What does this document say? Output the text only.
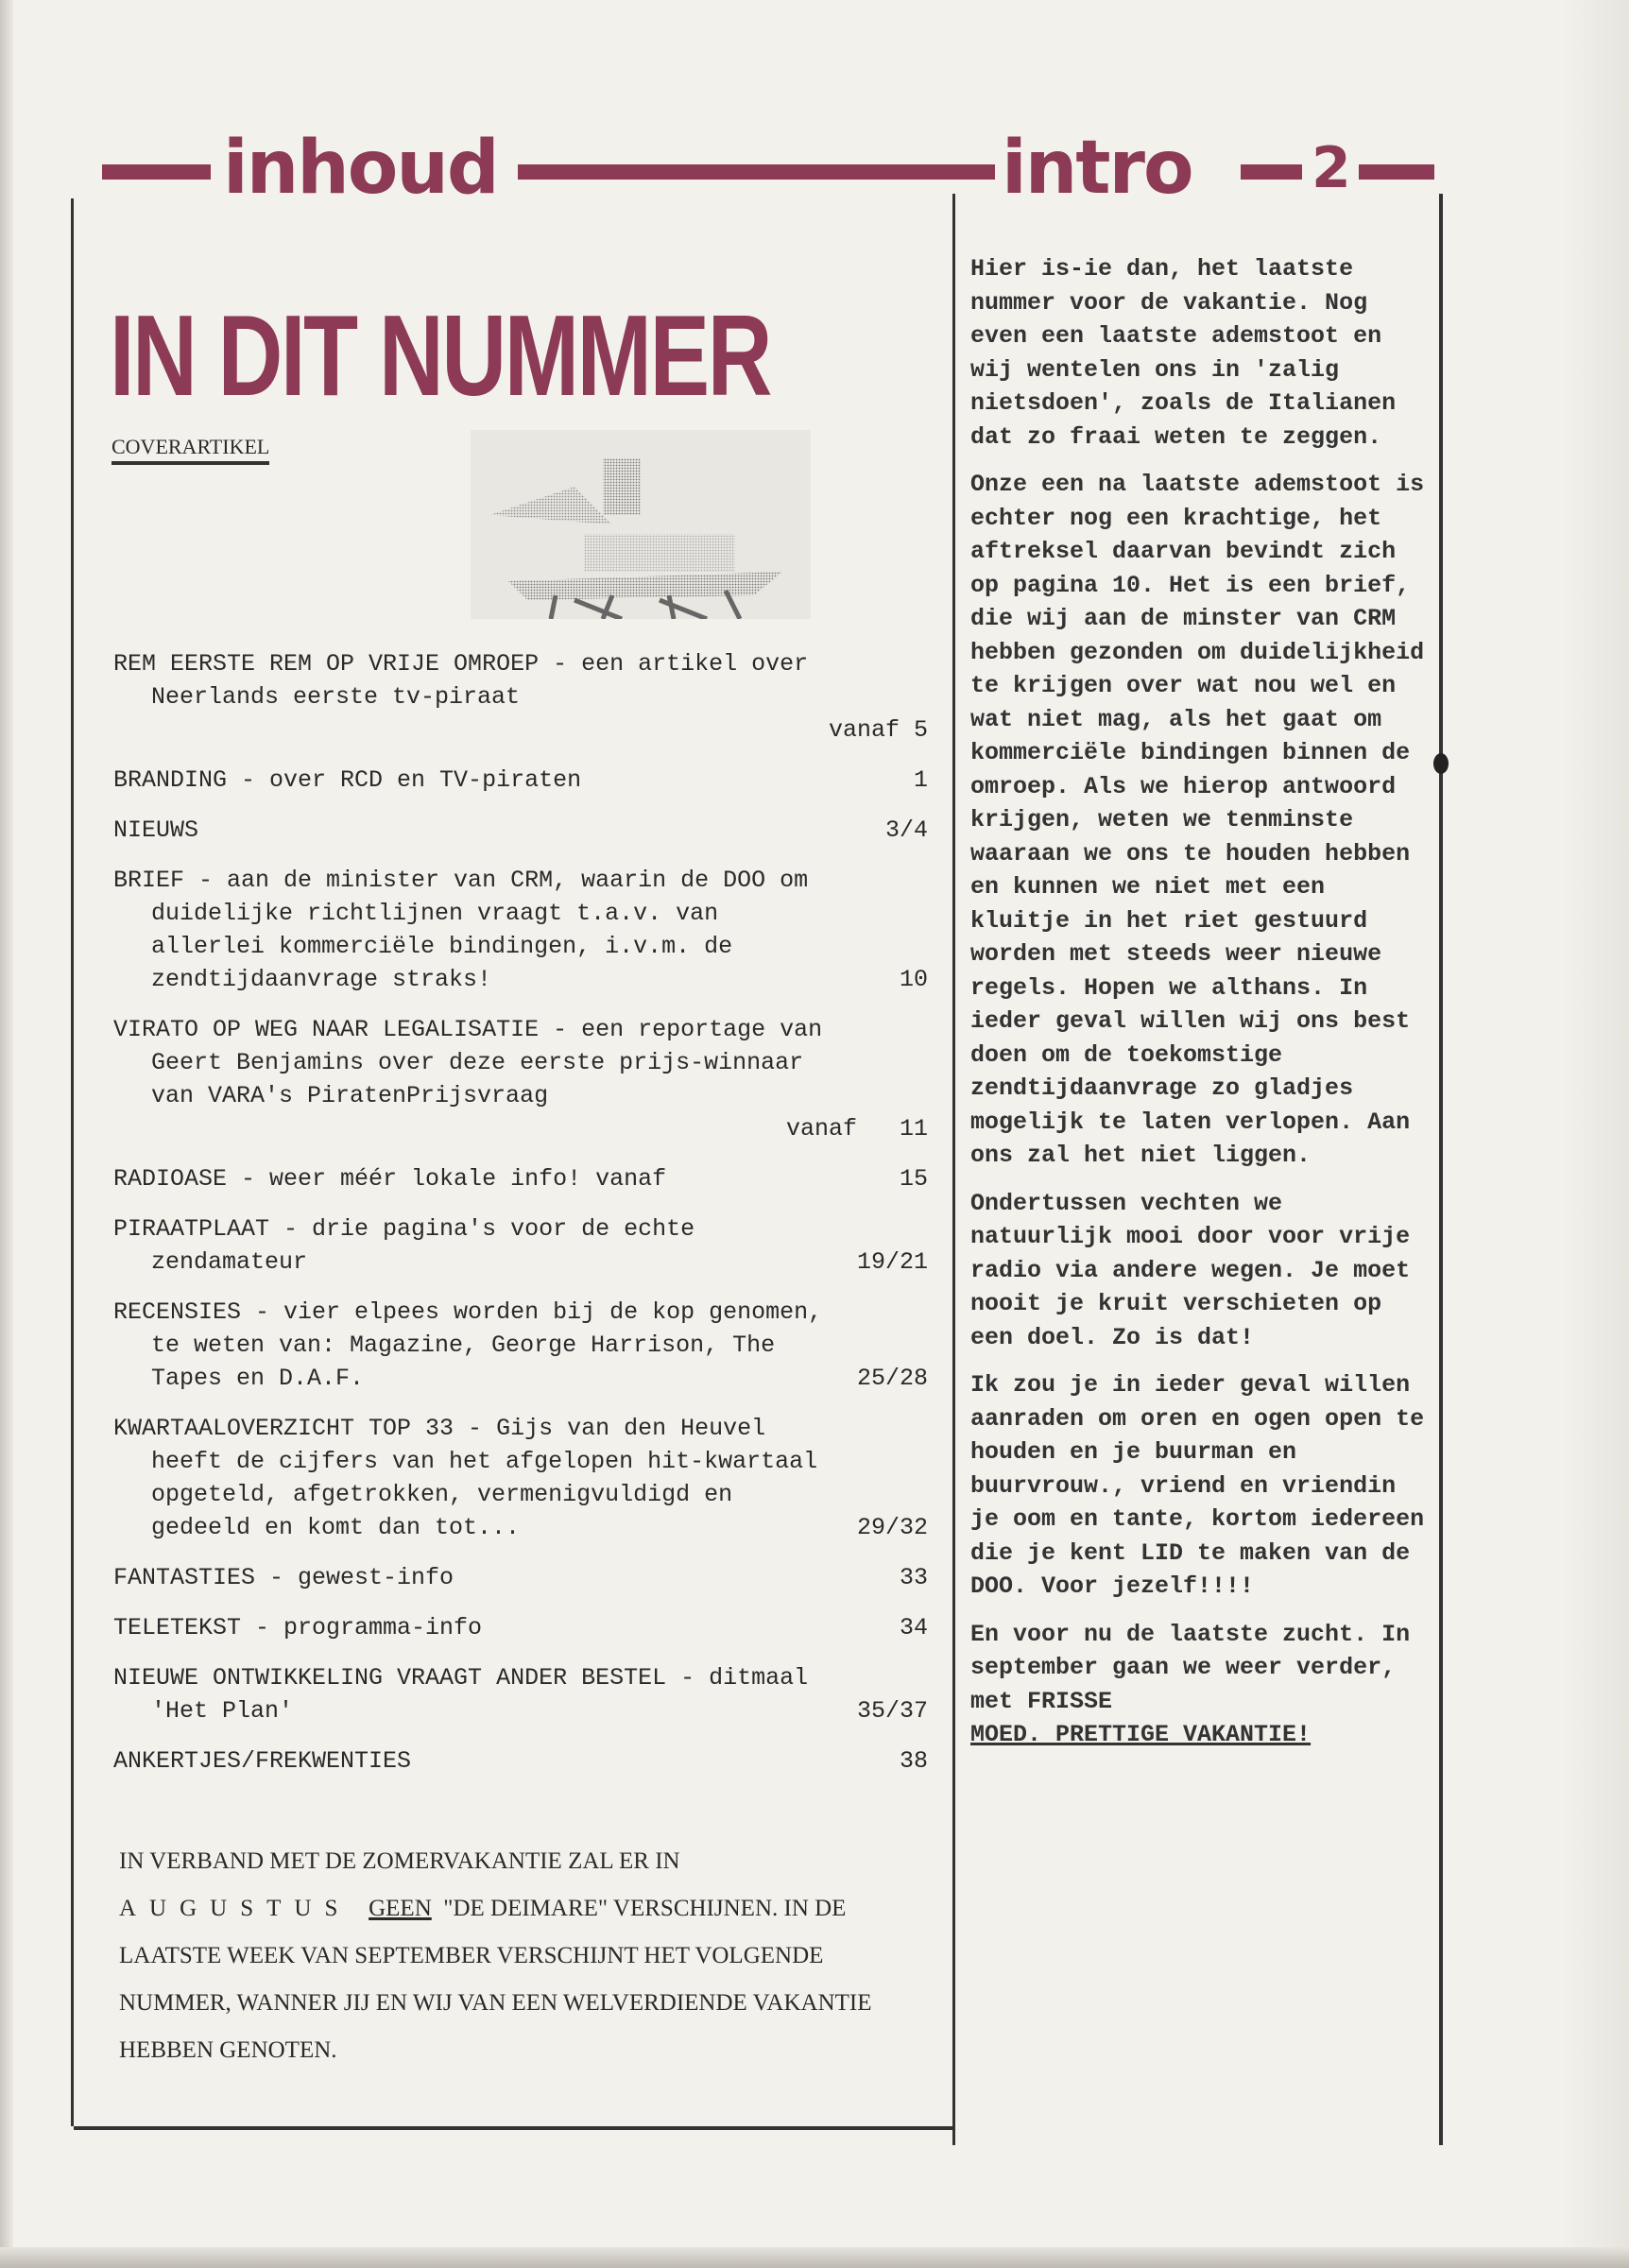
inhoud	intro 2
IN DIT NUMMER
COVERARTIKEL
REM EERSTE REM OP VRIJE OMROEP - een artikel over Neerlands eerste tv-piraat
vanaf 5
BRANDING - over RCD en TV-piraten	1
NIEUWS	3/4
BRIEF - aan de minister van CRM, waarin de DOO om duidelijke richtlijnen vraagt t.a.v. van allerlei kommerciële bindingen, i.v.m. de zendtijdaanvrage straks!	10
VIRATO OP WEG NAAR LEGALISATIE - een reportage van Geert Benjamins over deze eerste prijs-winnaar van VARA's PiratenPrijsvraag
vanaf   11
RADIOASE - weer méér lokale info! vanaf	15
PIRAATPLAAT - drie pagina's voor de echte zendamateur	19/21
RECENSIES - vier elpees worden bij de kop genomen, te weten van: Magazine, George Harrison, The Tapes en D.A.F.	25/28
KWARTAALOVERZICHT TOP 33 - Gijs van den Heuvel heeft de cijfers van het afgelopen hit-kwartaal opgeteld, afgetrokken, vermenigvuldigd en gedeeld en komt dan tot...	29/32
FANTASTIES - gewest-info	33
TELETEKST - programma-info	34
NIEUWE ONTWIKKELING VRAAGT ANDER BESTEL - ditmaal 'Het Plan'	35/37
ANKERTJES/FREKWENTIES	38
IN VERBAND MET DE ZOMERVAKANTIE ZAL ER IN
AUGUSTUS GEEN "DE DEIMARE" VERSCHIJNEN. IN DE LAATSTE WEEK VAN SEPTEMBER VERSCHIJNT HET VOLGENDE NUMMER, WANNER JIJ EN WIJ VAN EEN WELVERDIENDE VAKANTIE HEBBEN GENOTEN.

Hier is-ie dan, het laatste nummer voor de vakantie. Nog even een laatste ademstoot en wij wentelen ons in 'zalig nietsdoen', zoals de Italianen dat zo fraai weten te zeggen.

Onze een na laatste ademstoot is echter nog een krachtige, het aftreksel daarvan bevindt zich op pagina 10. Het is een brief, die wij aan de minster van CRM hebben gezonden om duidelijkheid te krijgen over wat nou wel en wat niet mag, als het gaat om kommerciële bindingen binnen de omroep. Als we hierop antwoord krijgen, weten we tenminste waaraan we ons te houden hebben en kunnen we niet met een kluitje in het riet gestuurd worden met steeds weer nieuwe regels. Hopen we althans. In ieder geval willen wij ons best doen om de toekomstige zendtijdaanvrage zo gladjes mogelijk te laten verlopen. Aan ons zal het niet liggen.

Ondertussen vechten we natuurlijk mooi door voor vrije radio via andere wegen. Je moet nooit je kruit verschieten op een doel. Zo is dat!

Ik zou je in ieder geval willen aanraden om oren en ogen open te houden en je buurman en buurvrouw., vriend en vriendin je oom en tante, kortom iedereen die je kent LID te maken van de DOO. Voor jezelf!!!!

En voor nu de laatste zucht. In september gaan we weer verder, met FRISSE

MOED. PRETTIGE VAKANTIE!
